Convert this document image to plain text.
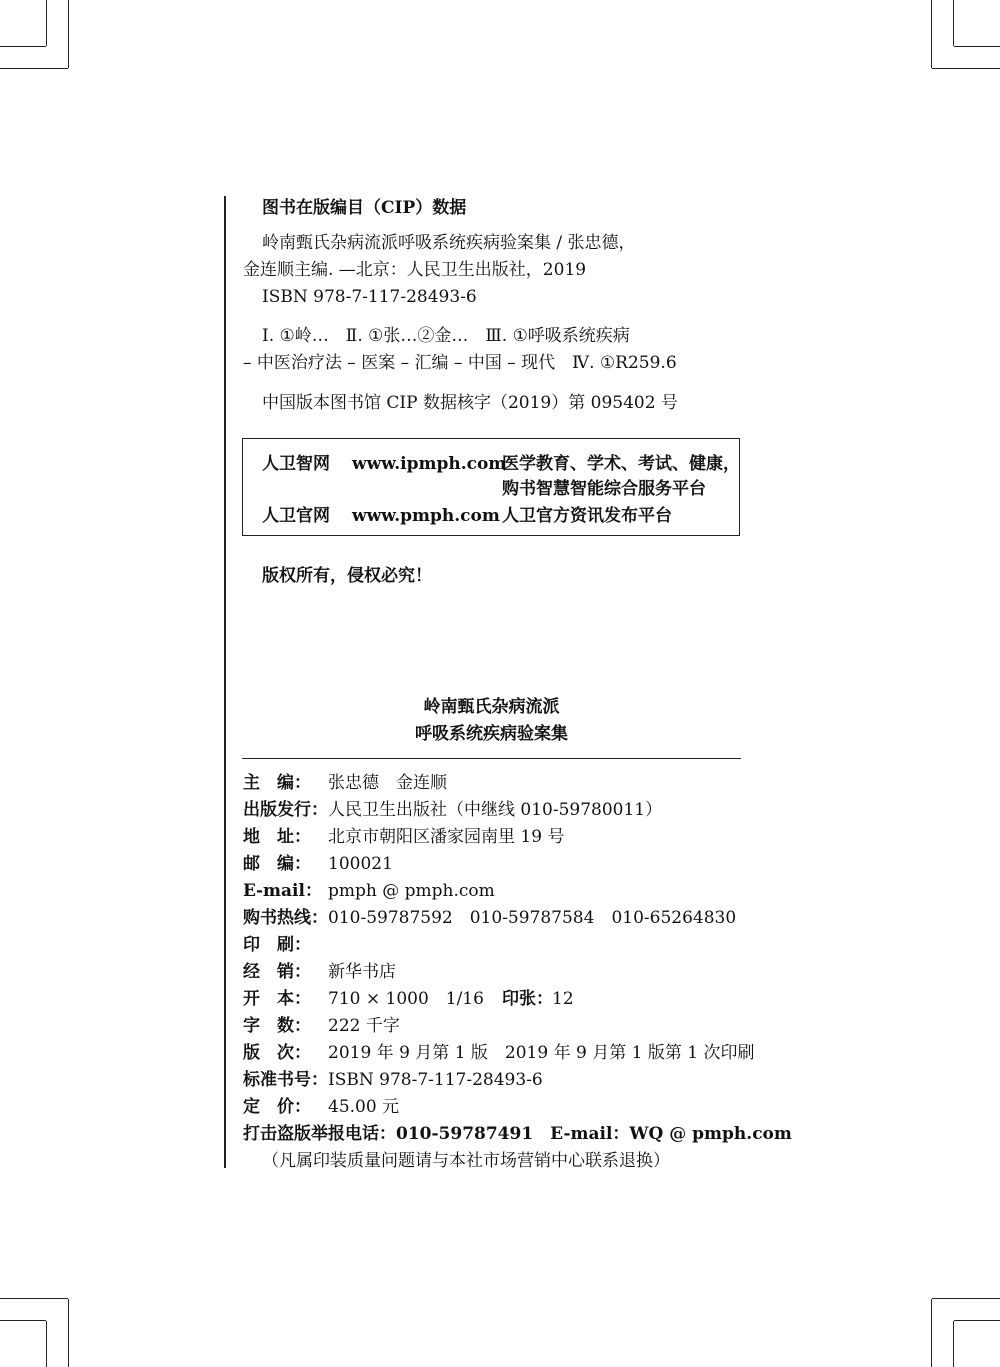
图书在版编目（CIP）数据
岭南甄氏杂病流派呼吸系统疾病验案集 / 张忠德，
金连顺主编. —北京：人民卫生出版社，2019
ISBN 978-7-117-28493-6
Ⅰ. ①岭…　Ⅱ. ①张…②金…　Ⅲ. ①呼吸系统疾病
– 中医治疗法 – 医案 – 汇编 – 中国 – 现代　Ⅳ. ①R259.6
中国版本图书馆 CIP 数据核字（2019）第 095402 号
人卫智网 www.ipmph.com
医学教育、学术、考试、健康，
购书智慧智能综合服务平台
人卫官网 www.pmph.com 人卫官方资讯发布平台
版权所有，侵权必究！
岭南甄氏杂病流派
呼吸系统疾病验案集
主 编： 张忠德　金连顺
出版发行： 人民卫生出版社（中继线 010-59780011）
地 址： 北京市朝阳区潘家园南里 19 号
邮 编： 100021
E - mail： pmph @ pmph.com
购书热线： 010-59787592　010-59787584　010-65264830
印 刷：
经 销： 新华书店
开 本： 710 × 1000　1/16 印张： 12
字 数： 222 千字
版 次： 2019 年 9 月第 1 版　2019 年 9 月第 1 版第 1 次印刷
标准书号： ISBN 978-7-117-28493-6
定 价： 45.00 元
打击盗版举报电话：010-59787491　E-mail：WQ @ pmph.com
（凡属印装质量问题请与本社市场营销中心联系退换）
